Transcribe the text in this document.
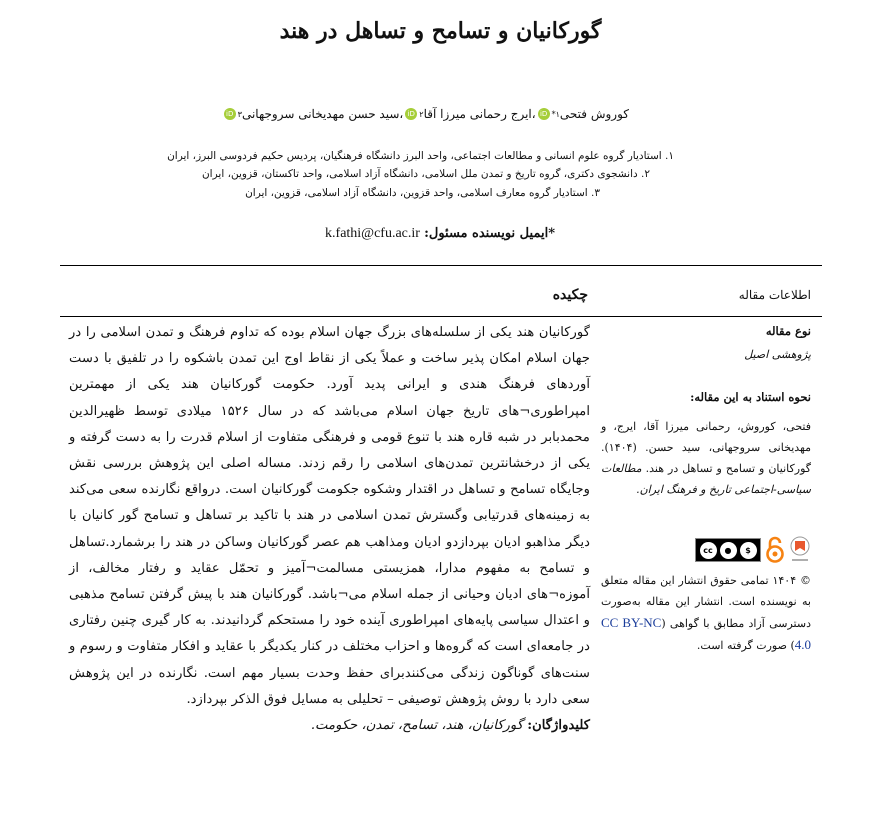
گورکانیان و تسامح و تساهل در هند
کوروش فتحی
۱*
iD
،
ایرج رحمانی میرزا آقا
۲
iD
،
سید حسن مهدیخانی سروجهانی
۳
iD
۱. استادیار گروه علوم انسانی و مطالعات اجتماعی، واحد البرز دانشگاه فرهنگیان، پردیس حکیم فردوسی البرز، ایران
۲. دانشجوی دکتری، گروه تاریخ و تمدن ملل اسلامی، دانشگاه آزاد اسلامی، واحد تاکستان، قزوین، ایران
۳. استادیار گروه معارف اسلامی، واحد قزوین، دانشگاه آزاد اسلامی، قزوین، ایران
*ایمیل نویسنده مسئول: k.fathi@cfu.ac.ir
اطلاعات مقاله
چکیده
گورکانیان هند یکی از سلسله‌های بزرگ جهان اسلام بوده که تداوم فرهنگ و تمدن اسلامی را در جهان اسلام امکان پذیر ساخت و عملاً یکی از نقاط اوج این تمدن باشکوه را در تلفیق با دست آوردهای فرهنگ هندی و ایرانی پدید آورد. حکومت گورکانیان هند یکی از مهمترین امپراطوری¬های تاریخ جهان اسلام می‌باشد که در سال ۱۵۲۶ میلادی توسط ظهیرالدین محمدبابر در شبه قاره هند با تنوع قومی و فرهنگی متفاوت از اسلام قدرت را به دست گرفته و یکی از درخشانترین تمدن‌های اسلامی را رقم زدند. مساله اصلی این پژوهش بررسی نقش وجایگاه تسامح و تساهل در اقتدار وشکوه جکومت گورکانیان است. درواقع نگارنده سعی می‌کند به زمینه‌های قدرتیابی وگسترش تمدن اسلامی در هند با تاکید بر تساهل و تسامح گور کانیان با دیگر مذاهبو ادیان بپردازدو ادیان ومذاهب هم عصر گورکانیان وساکن در هند را برشمارد.تساهل و تسامح به مفهوم مدارا، همزیستی مسالمت¬آمیز و تحمّل عقاید و رفتار مخالف، از آموزه¬های ادیان وحیانی از جمله اسلام می¬باشد. گورکانیان هند با پیش گرفتن تسامح مذهبی و اعتدال سیاسی پایه‌های امپراطوری آینده خود را مستحکم گردانیدند. به کار گیری چنین رفتاری در جامعه‌ای است که گروه‌ها و احزاب مختلف در کنار یکدیگر با عقاید و افکار متفاوت و رسوم و سنت‌های گوناگون زندگی می‌کنندبرای حفظ وحدت بسیار مهم است. نگارنده در این پژوهش سعی دارد با روش پژوهش توصیفی – تحلیلی به مسایل فوق الذکر بپردازد.
کلیدواژگان: گورکانیان، هند، تسامح، تمدن، حکومت.
نوع مقاله
پژوهشی اصیل
نحوه استناد به این مقاله:
فتحی، کوروش، رحمانی میرزا آقا، ایرج، و مهدیخانی سروجهانی، سید حسن. (۱۴۰۴). گورکانیان و تسامح و تساهل در هند. مطالعات سیاسی-اجتماعی تاریخ و فرهنگ ایران.
cc	●	$
© ۱۴۰۴ تمامی حقوق انتشار این مقاله متعلق به نویسنده است. انتشار این مقاله به‌صورت دسترسی آزاد مطابق با گواهی (CC BY-NC 4.0) صورت گرفته است.
